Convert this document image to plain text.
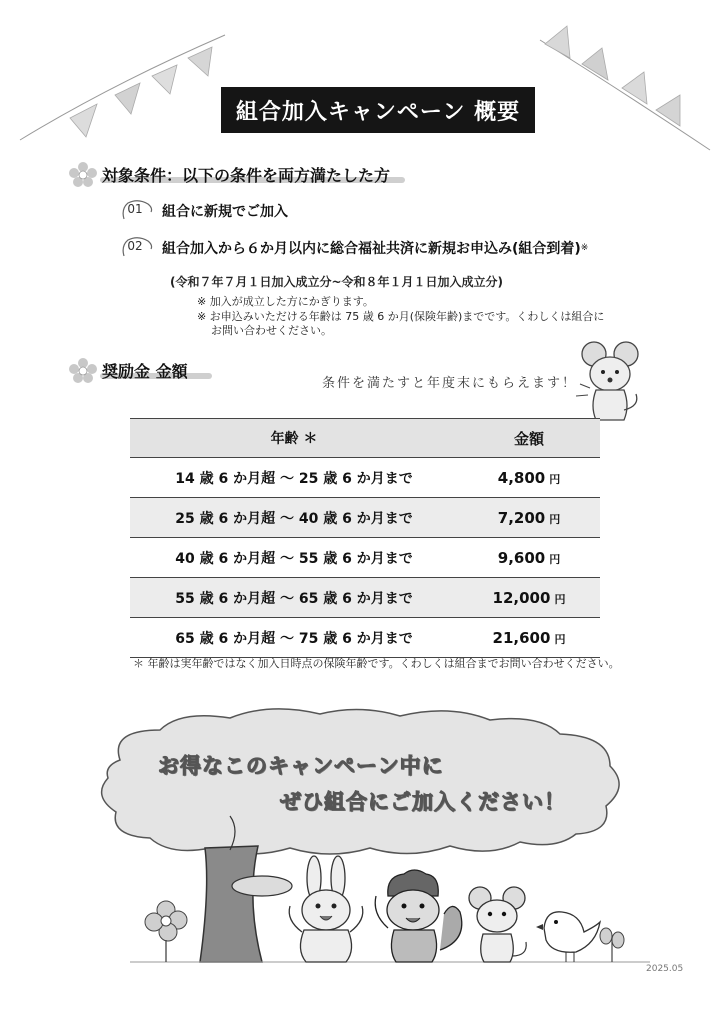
組合加入キャンペーン 概要
対象条件：以下の条件を両方満たした方
01	組合に新規でご加入
02	組合加入から６か月以内に総合福祉共済に新規お申込み(組合到着) ※
(令和７年７月１日加入成立分~令和８年１月１日加入成立分)
※ 加入が成立した方にかぎります。
※ お申込みいただける年齢は 75 歳 6 か月(保険年齢)までです。くわしくは組合に
お問い合わせください。
奨励金 金額
条件を満たすと年度末にもらえます！
年齢 ＊	金額
14 歳 6 か月超 ～ 25 歳 6 か月まで	4,800 円
25 歳 6 か月超 ～ 40 歳 6 か月まで	7,200 円
40 歳 6 か月超 ～ 55 歳 6 か月まで	9,600 円
55 歳 6 か月超 ～ 65 歳 6 か月まで	12,000 円
65 歳 6 か月超 ～ 75 歳 6 か月まで	21,600 円
＊ 年齢は実年齢ではなく加入日時点の保険年齢です。くわしくは組合までお問い合わせください。
お得なこのキャンペーン中に
ぜひ組合にご加入ください！
2025.05
